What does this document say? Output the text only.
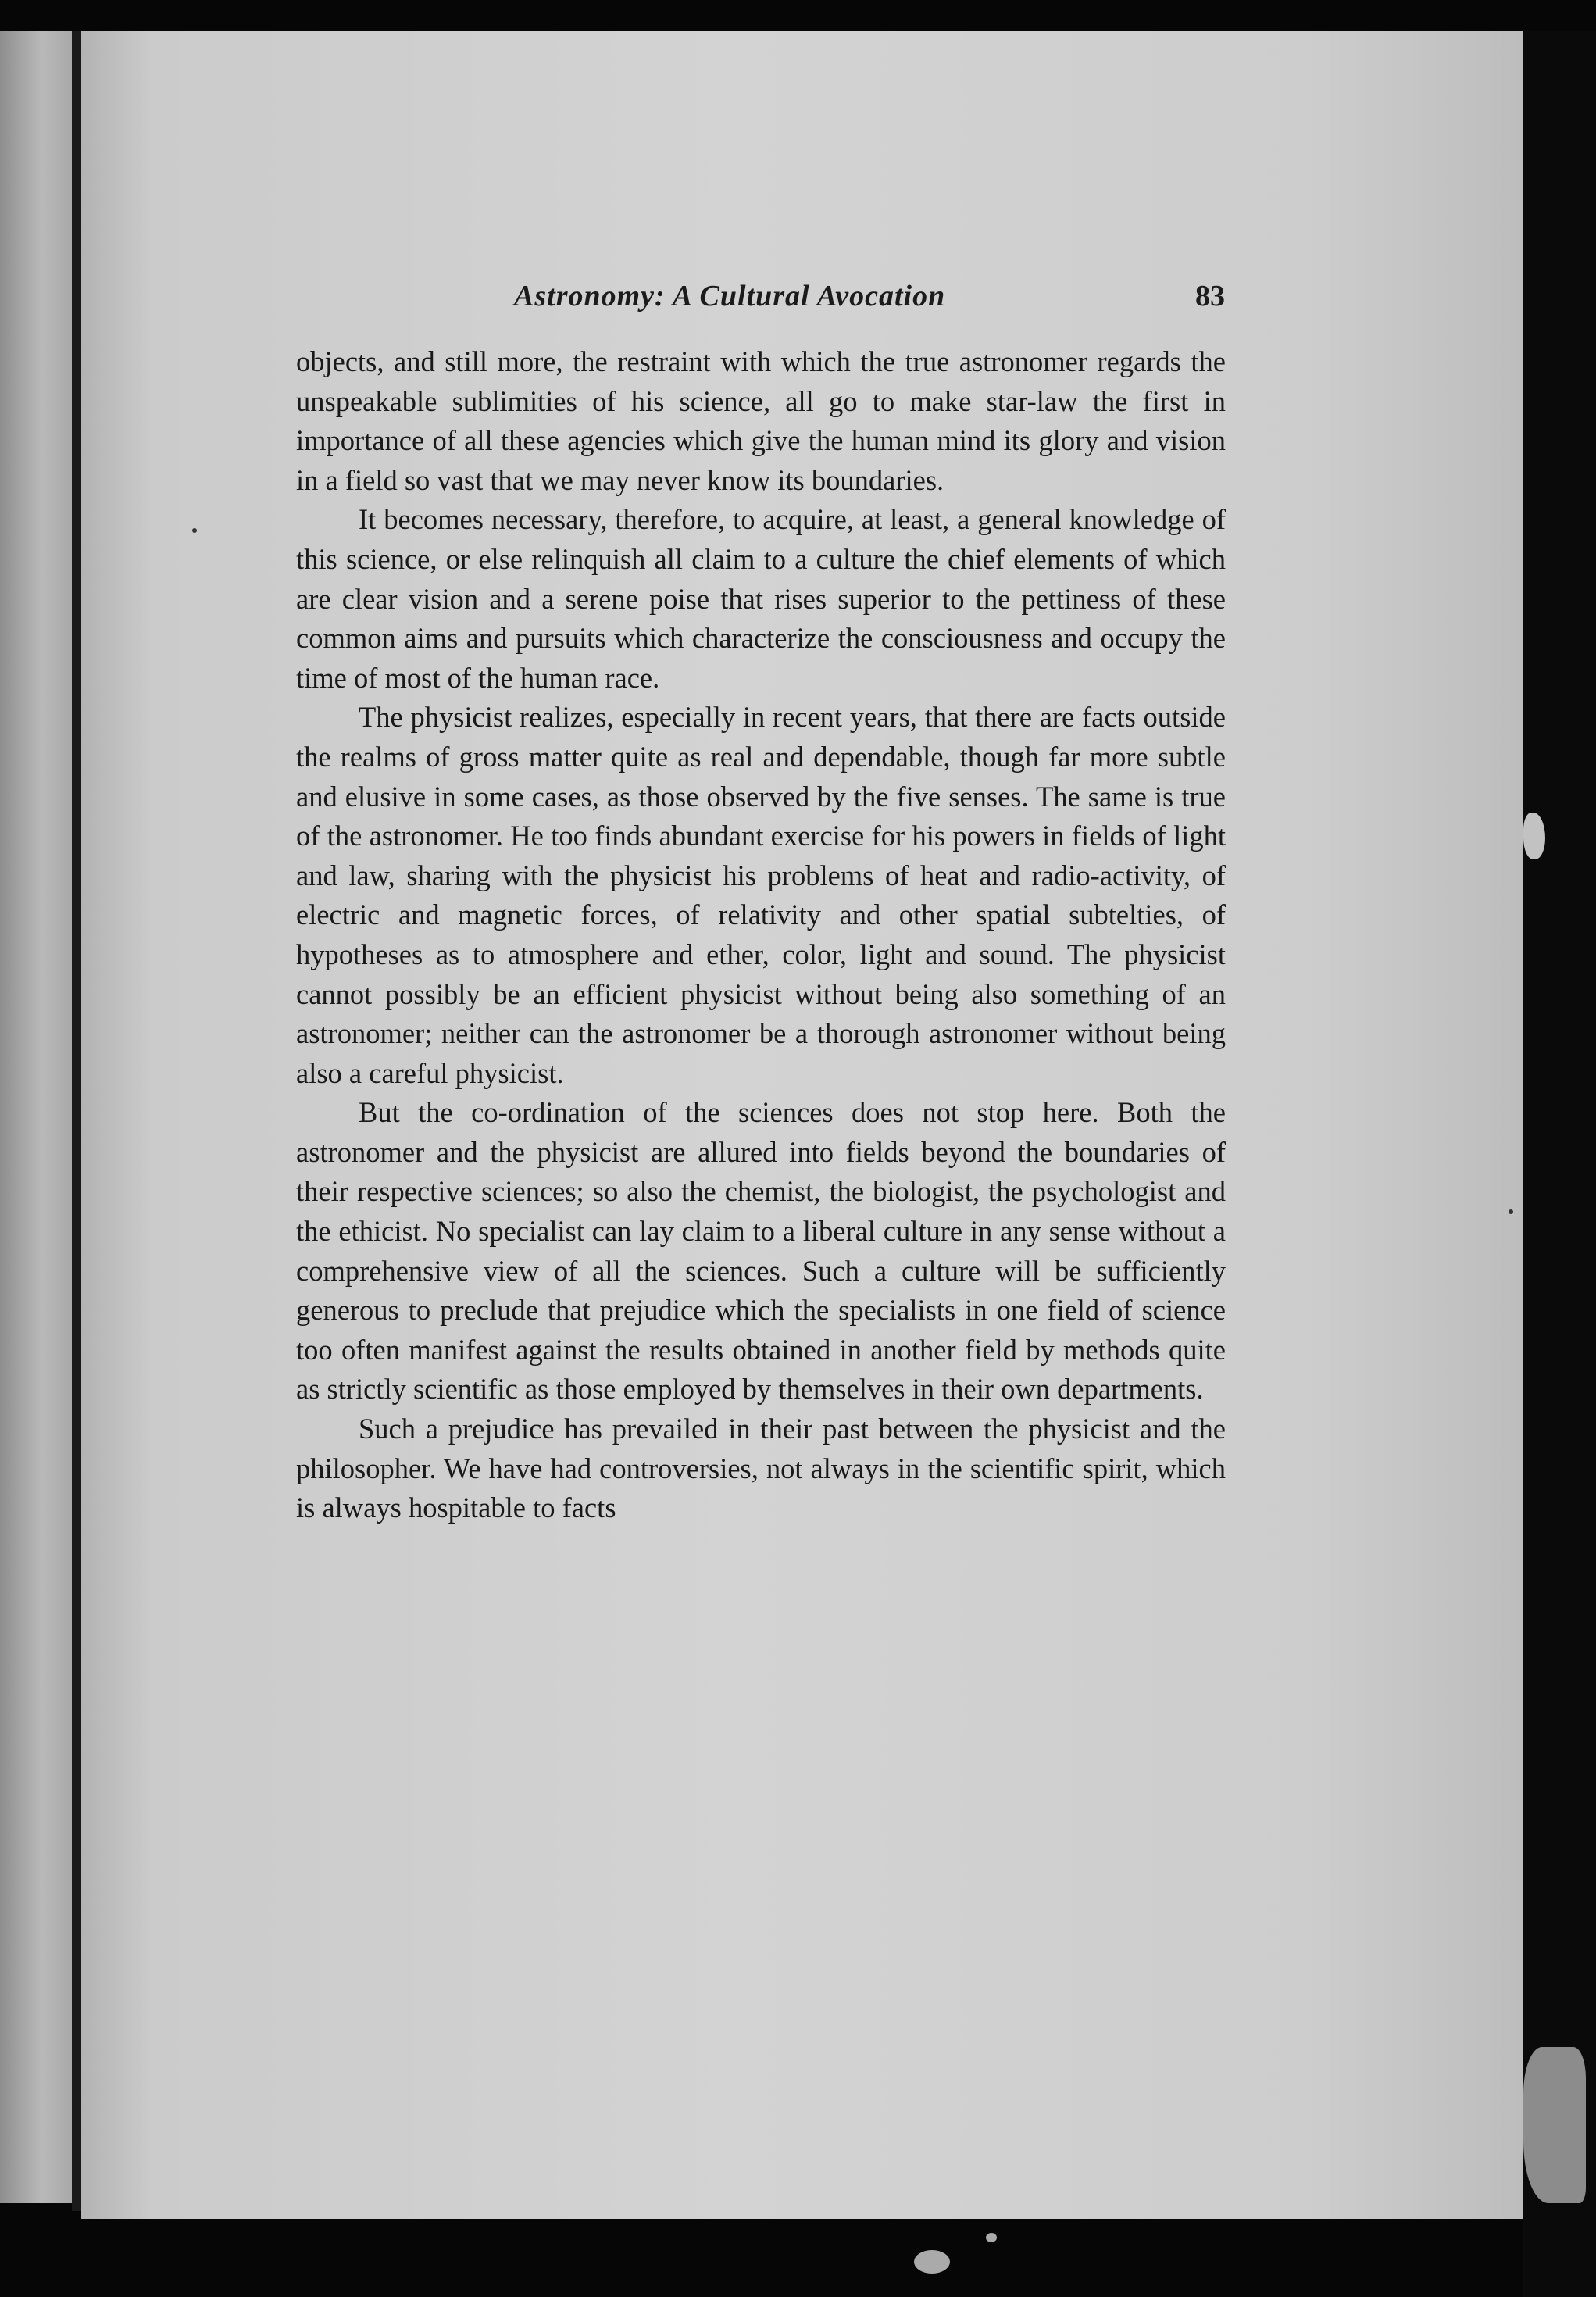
Astronomy: A Cultural Avocation	83

objects, and still more, the restraint with which the true astronomer regards the unspeakable sublimities of his science, all go to make star-law the first in importance of all these agencies which give the human mind its glory and vision in a field so vast that we may never know its boundaries.

It becomes necessary, therefore, to acquire, at least, a general knowledge of this science, or else relinquish all claim to a culture the chief elements of which are clear vision and a serene poise that rises superior to the pettiness of these common aims and pursuits which characterize the consciousness and occupy the time of most of the human race.

The physicist realizes, especially in recent years, that there are facts outside the realms of gross matter quite as real and dependable, though far more subtle and elusive in some cases, as those observed by the five senses. The same is true of the astronomer. He too finds abundant exercise for his powers in fields of light and law, sharing with the physicist his problems of heat and radio-activity, of electric and magnetic forces, of relativity and other spatial subtelties, of hypotheses as to atmosphere and ether, color, light and sound. The physicist cannot possibly be an efficient physicist without being also something of an astronomer; neither can the astronomer be a thorough astronomer without being also a careful physicist.

But the co-ordination of the sciences does not stop here. Both the astronomer and the physicist are allured into fields beyond the boundaries of their respective sciences; so also the chemist, the biologist, the psychologist and the ethicist. No specialist can lay claim to a liberal culture in any sense without a comprehensive view of all the sciences. Such a culture will be sufficiently generous to preclude that prejudice which the specialists in one field of science too often manifest against the results obtained in another field by methods quite as strictly scientific as those employed by themselves in their own departments.

Such a prejudice has prevailed in their past between the physicist and the philosopher. We have had controversies, not always in the scientific spirit, which is always hospitable to facts
